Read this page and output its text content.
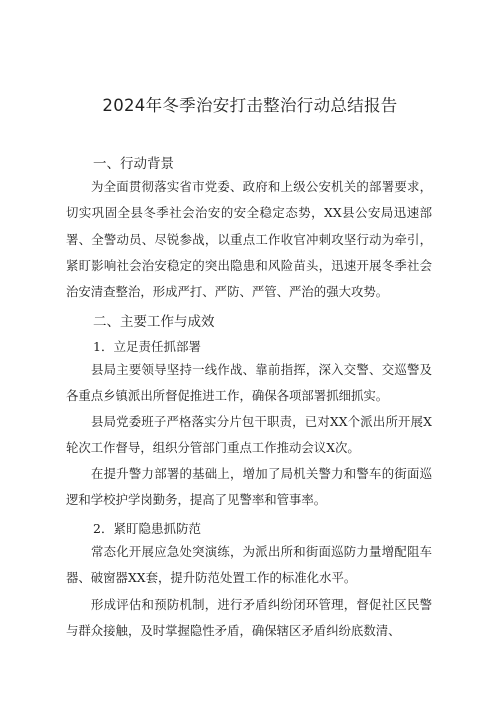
2024年冬季治安打击整治行动总结报告
一、行动背景
为全面贯彻落实省市党委、政府和上级公安机关的部署要求，切实巩固全县冬季社会治安的安全稳定态势，XX县公安局迅速部署、全警动员、尽锐参战，以重点工作收官冲刺攻坚行动为牵引，紧盯影响社会治安稳定的突出隐患和风险苗头，迅速开展冬季社会治安清查整治，形成严打、严防、严管、严治的强大攻势。
二、主要工作与成效
1．立足责任抓部署
县局主要领导坚持一线作战、靠前指挥，深入交警、交巡警及各重点乡镇派出所督促推进工作，确保各项部署抓细抓实。
县局党委班子严格落实分片包干职责，已对XX个派出所开展X轮次工作督导，组织分管部门重点工作推动会议X次。
在提升警力部署的基础上，增加了局机关警力和警车的街面巡逻和学校护学岗勤务，提高了见警率和管事率。
2．紧盯隐患抓防范
常态化开展应急处突演练，为派出所和街面巡防力量增配阻车器、破窗器XX套，提升防范处置工作的标准化水平。
形成评估和预防机制，进行矛盾纠纷闭环管理，督促社区民警与群众接触，及时掌握隐性矛盾，确保辖区矛盾纠纷底数清、
